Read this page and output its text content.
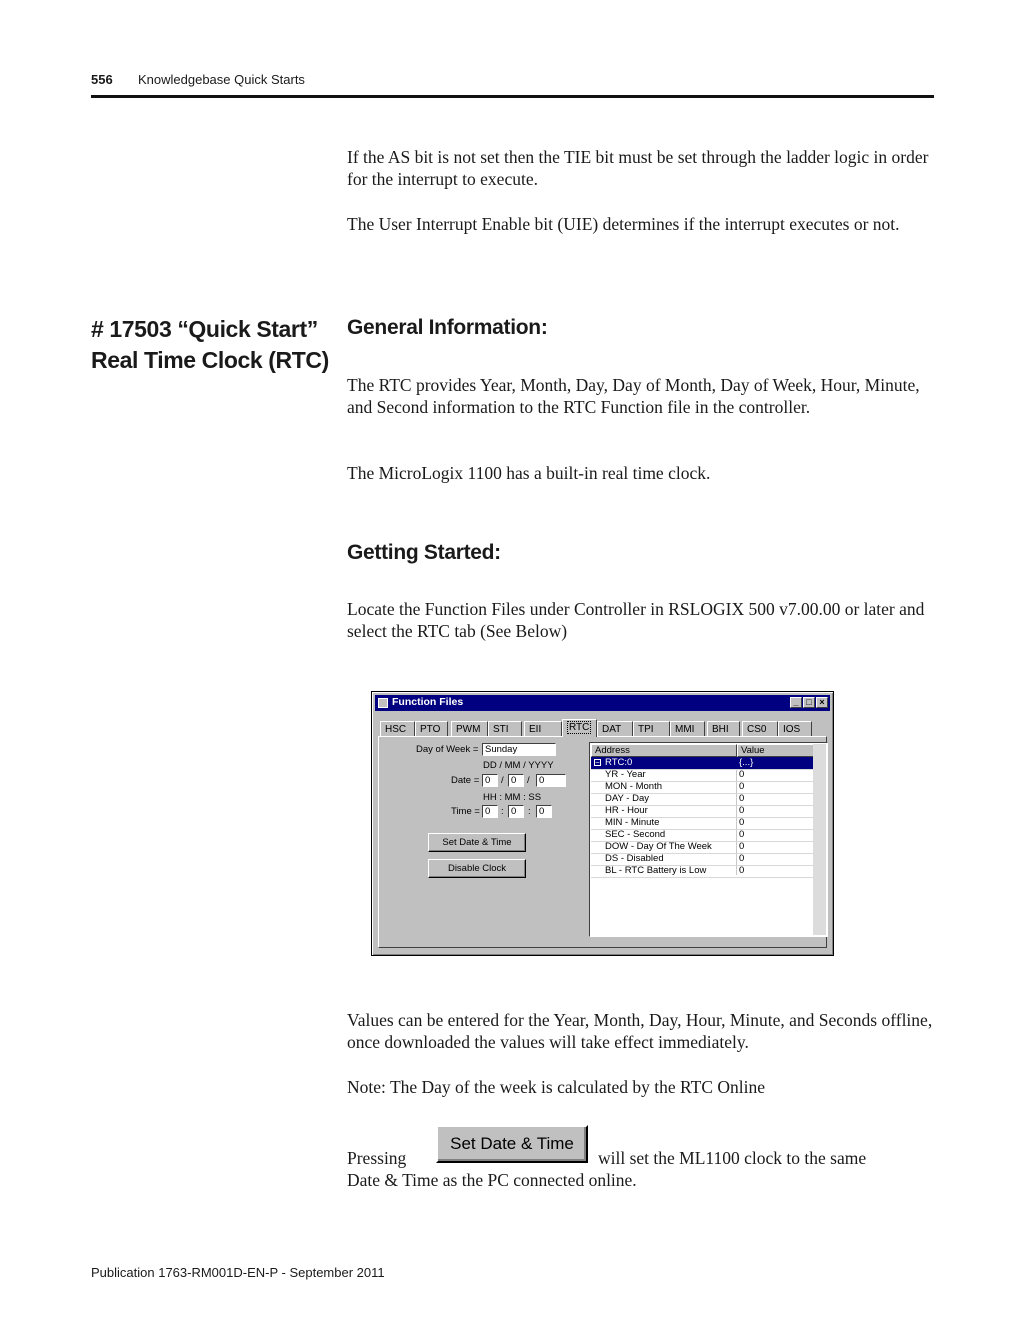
556 Knowledgebase Quick Starts

If the AS bit is not set then the TIE bit must be set through the ladder logic in order for the interrupt to execute.

The User Interrupt Enable bit (UIE) determines if the interrupt executes or not.

# 17503 “Quick Start”
Real Time Clock (RTC)
General Information:

The RTC provides Year, Month, Day, Day of Month, Day of Week, Hour, Minute, and Second information to the RTC Function file in the controller.

The MicroLogix 1100 has a built-in real time clock.

Getting Started:

Locate the Function Files under Controller in RSLOGIX 500 v7.00.00 or later and select the RTC tab (See Below)

Function Files	_ □ ×
HSC	PTO	PWM	STI	EII	RTC	DAT	TPI	MMI	BHI	CS0	IOS
Day of Week = Sunday
DD / MM / YYYY
Date = 0	/ 0	/ 0
HH : MM : SS
Time = 0	: 0	: 0
Set Date & Time
Disable Clock
Address	Value
− RTC:0	{...}
YR - Year	0
MON - Month	0
DAY - Day	0
HR - Hour	0
MIN - Minute	0
SEC - Second	0
DOW - Day Of The Week	0
DS - Disabled	0
BL - RTC Battery is Low	0

Values can be entered for the Year, Month, Day, Hour, Minute, and Seconds offline, once downloaded the values will take effect immediately.

Note: The Day of the week is calculated by the RTC Online

Pressing
Set Date & Time
will set the ML1100 clock to the same
Date & Time as the PC connected online.
Publication 1763-RM001D-EN-P - September 2011
